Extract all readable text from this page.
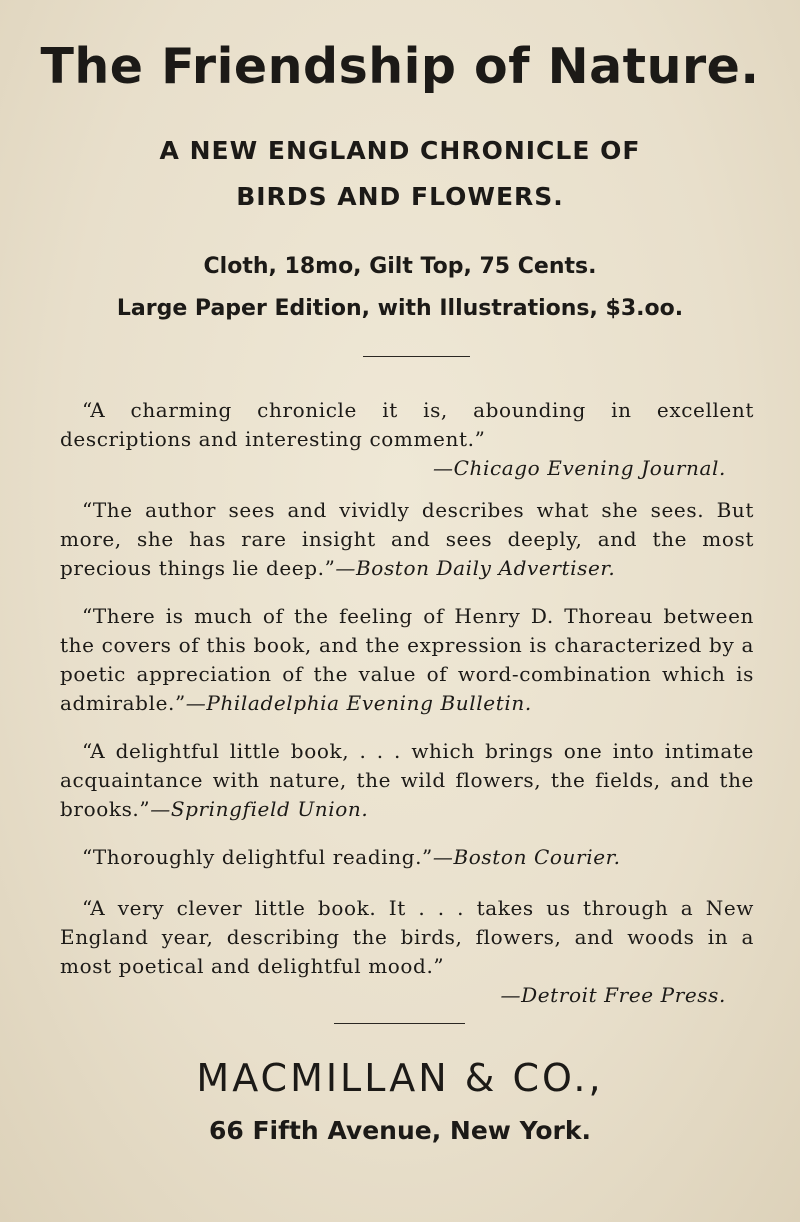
The Friendship of Nature.

A NEW ENGLAND CHRONICLE OF

BIRDS AND FLOWERS.

Cloth, 18mo, Gilt Top, 75 Cents.

Large Paper Edition, with Illustrations, $3.oo.

“A charming chronicle it is, abounding in excellent descriptions and interesting comment.”
—Chicago Evening Journal.

“The author sees and vividly describes what she sees. But more, she has rare insight and sees deeply, and the most precious things lie deep.”—Boston Daily Advertiser.

“There is much of the feeling of Henry D. Thoreau between the covers of this book, and the expression is characterized by a poetic appreciation of the value of word-combination which is admirable.”—Philadelphia Evening Bulletin.

“A delightful little book, . . . which brings one into intimate acquaintance with nature, the wild flowers, the fields, and the brooks.”—Springfield Union.

“Thoroughly delightful reading.”—Boston Courier.

“A very clever little book. It . . . takes us through a New England year, describing the birds, flowers, and woods in a most poetical and delightful mood.”
—Detroit Free Press.

MACMILLAN & CO.,

66 Fifth Avenue, New York.
